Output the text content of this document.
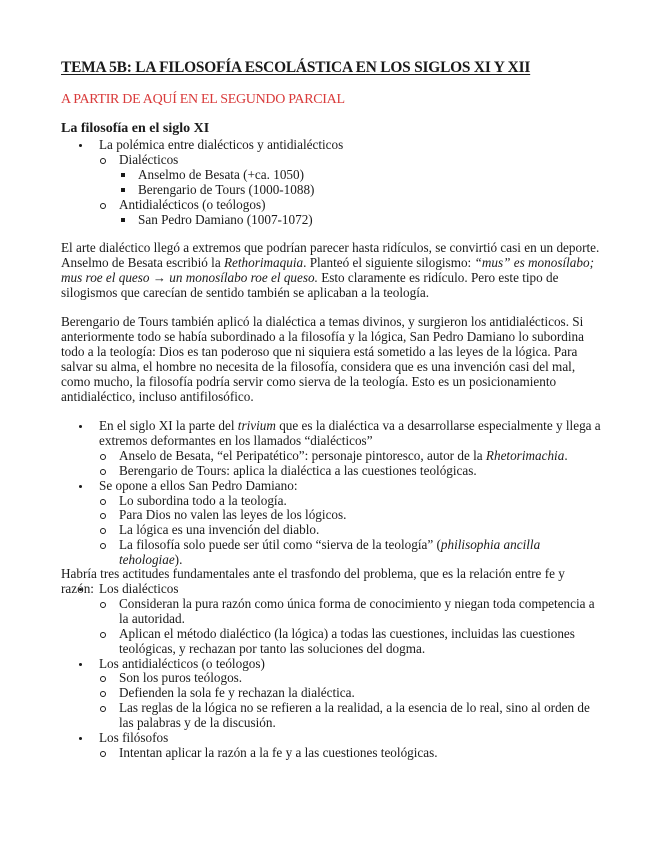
TEMA 5B: LA FILOSOFÍA ESCOLÁSTICA EN LOS SIGLOS XI Y XII
A PARTIR DE AQUÍ EN EL SEGUNDO PARCIAL
La filosofía en el siglo XI
La polémica entre dialécticos y antidialécticos
Dialécticos
Anselmo de Besata (+ca. 1050)
Berengario de Tours (1000-1088)
Antidialécticos (o teólogos)
San Pedro Damiano (1007-1072)

El arte dialéctico llegó a extremos que podrían parecer hasta ridículos, se convirtió casi en un deporte. Anselmo de Besata escribió la Rethorimaquia. Planteó el siguiente silogismo: “mus” es monosílabo; mus roe el queso → un monosílabo roe el queso. Esto claramente es ridículo. Pero este tipo de silogismos que carecían de sentido también se aplicaban a la teología.

Berengario de Tours también aplicó la dialéctica a temas divinos, y surgieron los antidialécticos. Si anteriormente todo se había subordinado a la filosofía y la lógica, San Pedro Damiano lo subordina todo a la teología: Dios es tan poderoso que ni siquiera está sometido a las leyes de la lógica. Para salvar su alma, el hombre no necesita de la filosofía, considera que es una invención casi del mal, como mucho, la filosofía podría servir como sierva de la teología. Esto es un posicionamiento antidialéctico, incluso antifilosófico.

En el siglo XI la parte del trivium que es la dialéctica va a desarrollarse especialmente y llega a extremos deformantes en los llamados “dialécticos”
Anselo de Besata, “el Peripatético”: personaje pintoresco, autor de la Rhetorimachia.
Berengario de Tours: aplica la dialéctica a las cuestiones teológicas.
Se opone a ellos San Pedro Damiano:
Lo subordina todo a la teología.
Para Dios no valen las leyes de los lógicos.
La lógica es una invención del diablo.
La filosofía solo puede ser útil como “sierva de la teología” (philisophia ancilla tehologiae).

Habría tres actitudes fundamentales ante el trasfondo del problema, que es la relación entre fe y razón: Los dialécticos
Consideran la pura razón como única forma de conocimiento y niegan toda competencia a la autoridad.
Aplican el método dialéctico (la lógica) a todas las cuestiones, incluidas las cuestiones teológicas, y rechazan por tanto las soluciones del dogma.
Los antidialécticos (o teólogos)
Son los puros teólogos.
Defienden la sola fe y rechazan la dialéctica.
Las reglas de la lógica no se refieren a la realidad, a la esencia de lo real, sino al orden de las palabras y de la discusión.
Los filósofos
Intentan aplicar la razón a la fe y a las cuestiones teológicas.
